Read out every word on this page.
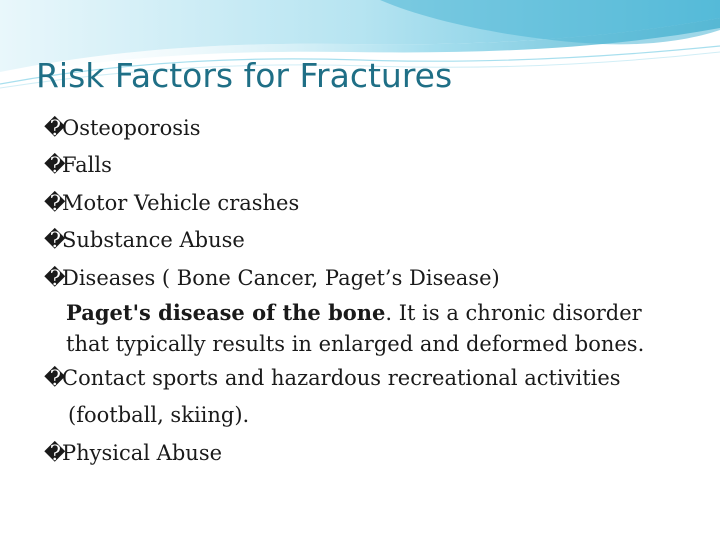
Risk Factors for Fractures
�Osteoporosis
�Falls
�Motor Vehicle crashes
�Substance Abuse
�Diseases ( Bone Cancer, Paget’s Disease)
Paget's disease of the bone. It is a chronic disorder that typically results in enlarged and deformed bones.
�Contact sports and hazardous recreational activities
(football, skiing).
�Physical Abuse
